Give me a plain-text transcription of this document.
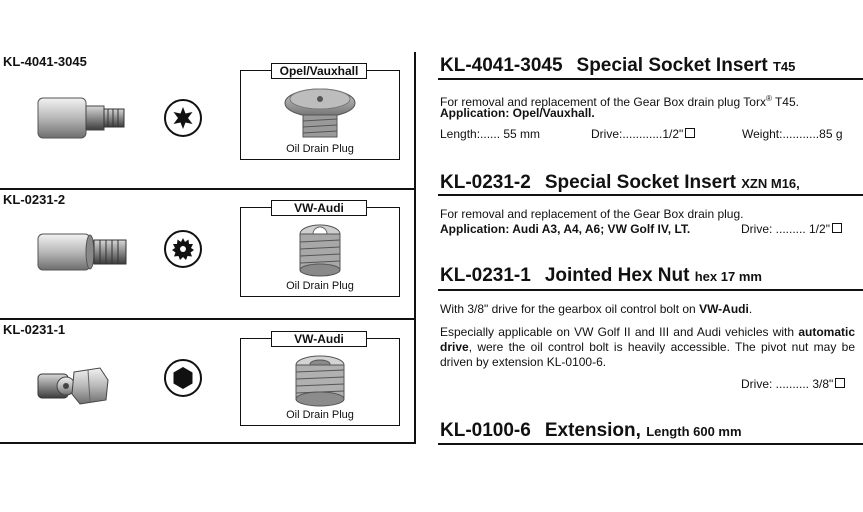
KL-4041-3045
Opel/Vauxhall
Oil Drain Plug
KL-0231-2
VW-Audi
Oil Drain Plug
KL-0231-1
VW-Audi
Oil Drain Plug
KL-4041-3045 Special Socket Insert T45
For removal and replacement of the Gear Box drain plug Torx® T45.
Application: Opel/Vauxhall.
Length:...... 55 mm	Drive:............1/2"	Weight:...........85 g
KL-0231-2 Special Socket Insert XZN M16,
For removal and replacement of the Gear Box drain plug.
Application: Audi A3, A4, A6; VW Golf IV, LT.	Drive: ......... 1/2"
KL-0231-1 Jointed Hex Nut hex 17 mm
With 3/8" drive for the gearbox oil control bolt on VW-Audi.
Especially applicable on VW Golf II and III and Audi vehicles with automatic drive, were the oil control bolt is heavily accessible. The pivot nut may be driven by extension KL-0100-6.
Drive: .......... 3/8"
KL-0100-6 Extension, Length 600 mm
